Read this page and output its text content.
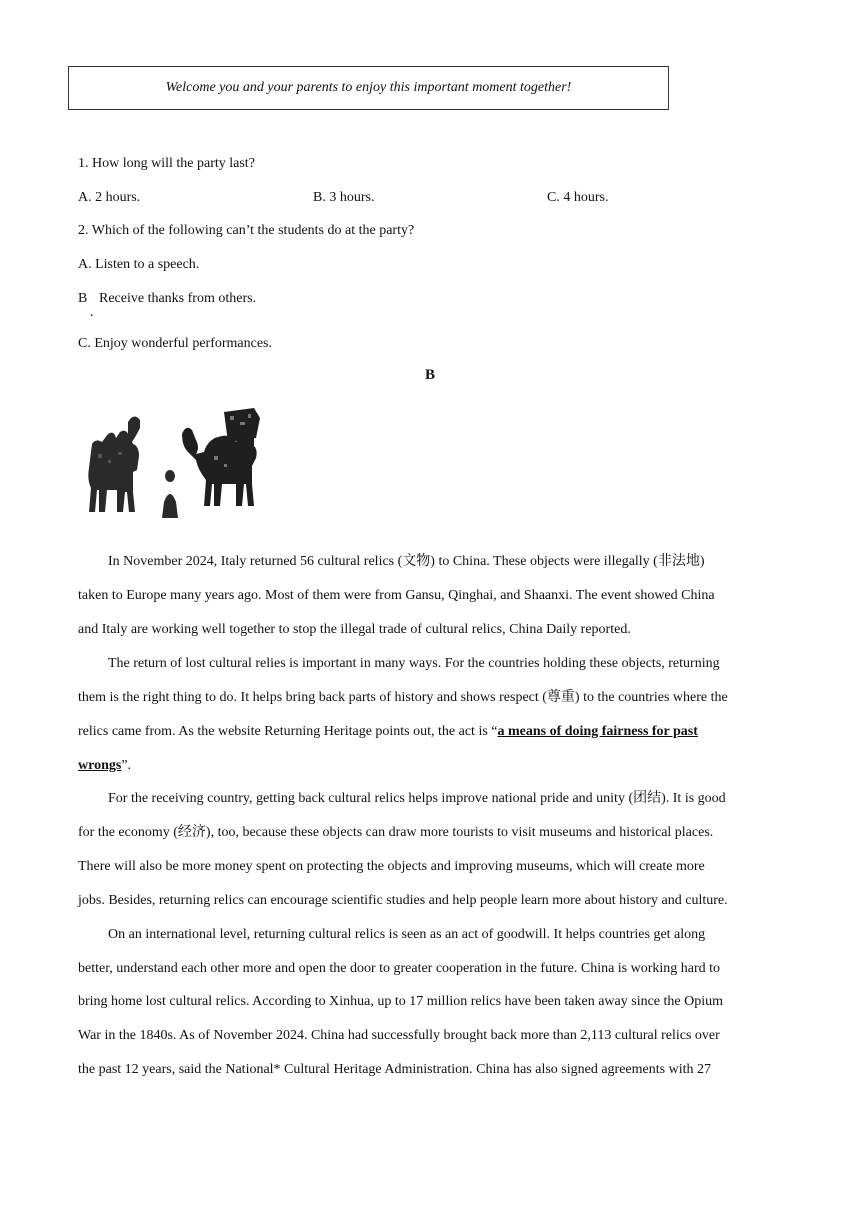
Welcome you and your parents to enjoy this important moment together!
1. How long will the party last?
A. 2 hours.	B. 3 hours.	C. 4 hours.
2. Which of the following can’t the students do at the party?
A. Listen to a speech.
B Receive thanks from others.
.
C. Enjoy wonderful performances.
B
In November 2024, Italy returned 56 cultural relics (文物) to China. These objects were illegally (非法地)
taken to Europe many years ago. Most of them were from Gansu, Qinghai, and Shaanxi. The event showed China
and Italy are working well together to stop the illegal trade of cultural relics, China Daily reported.
The return of lost cultural relies is important in many ways. For the countries holding these objects, returning
them is the right thing to do. It helps bring back parts of history and shows respect (尊重) to the countries where the
relics came from. As the website Returning Heritage points out, the act is “a means of doing fairness for past
wrongs”.
For the receiving country, getting back cultural relics helps improve national pride and unity (团结). It is good
for the economy (经济), too, because these objects can draw more tourists to visit museums and historical places.
There will also be more money spent on protecting the objects and improving museums, which will create more
jobs. Besides, returning relics can encourage scientific studies and help people learn more about history and culture.
On an international level, returning cultural relics is seen as an act of goodwill. It helps countries get along
better, understand each other more and open the door to greater cooperation in the future. China is working hard to
bring home lost cultural relics. According to Xinhua, up to 17 million relics have been taken away since the Opium
War in the 1840s. As of November 2024. China had successfully brought back more than 2,113 cultural relics over
the past 12 years, said the National* Cultural Heritage Administration. China has also signed agreements with 27
